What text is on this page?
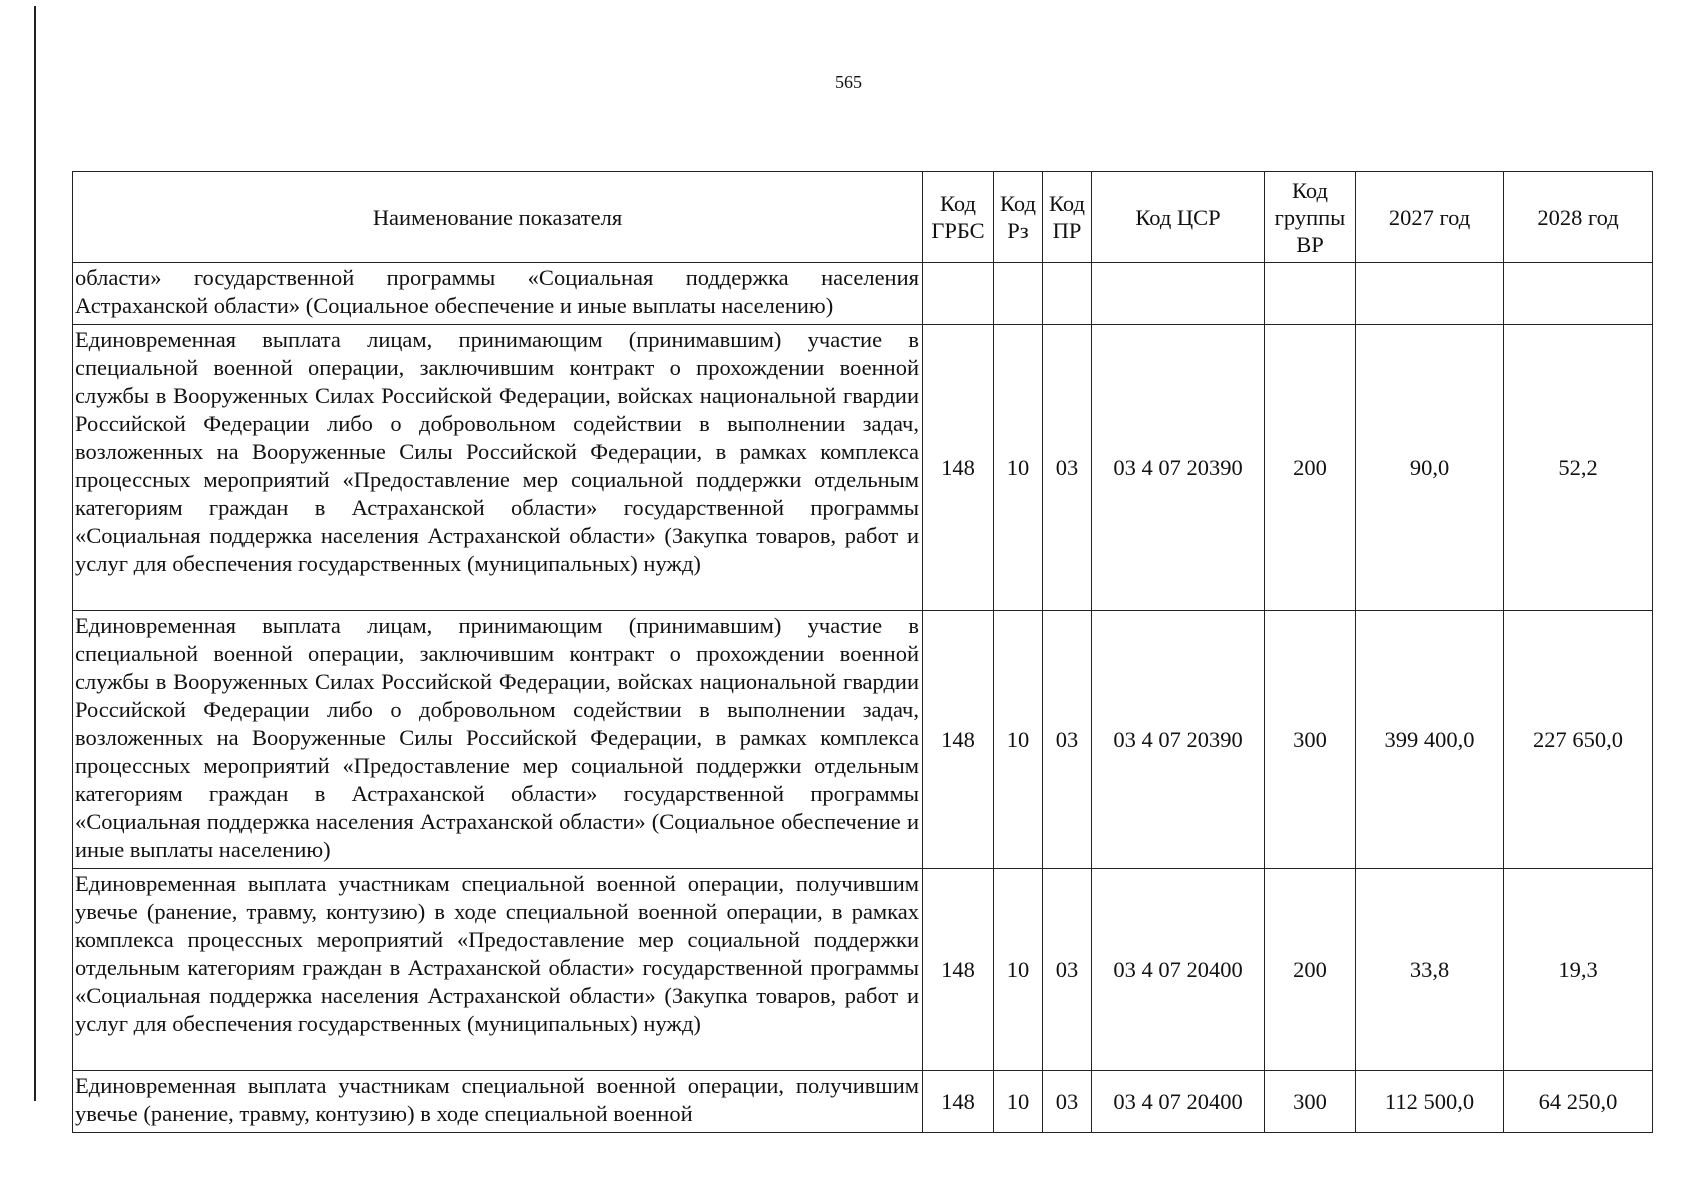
565
Наименование показателя	Код ГРБС	Код Рз	Код ПР	Код ЦСР	Код группы ВР	2027 год	2028 год

области» государственной программы «Социальная поддержка населения Астраханской области» (Социальное обеспечение и иные выплаты населению)							

Единовременная выплата лицам, принимающим (принимавшим) участие в специальной военной операции, заключившим контракт о прохождении военной службы в Вооруженных Силах Российской Федерации, войсках национальной гвардии Российской Федерации либо о добровольном содействии в выполнении задач, возложенных на Вооруженные Силы Российской Федерации, в рамках комплекса процессных мероприятий «Предоставление мер социальной поддержки отдельным категориям граждан в Астраханской области» государственной программы «Социальная поддержка населения Астраханской области» (Закупка товаров, работ и услуг для обеспечения государственных (муниципальных) нужд)	148	10	03	03 4 07 20390	200	90,0	52,2

Единовременная выплата лицам, принимающим (принимавшим) участие в специальной военной операции, заключившим контракт о прохождении военной службы в Вооруженных Силах Российской Федерации, войсках национальной гвардии Российской Федерации либо о добровольном содействии в выполнении задач, возложенных на Вооруженные Силы Российской Федерации, в рамках комплекса процессных мероприятий «Предоставление мер социальной поддержки отдельным категориям граждан в Астраханской области» государственной программы «Социальная поддержка населения Астраханской области» (Социальное обеспечение и иные выплаты населению)	148	10	03	03 4 07 20390	300	399 400,0	227 650,0

Единовременная выплата участникам специальной военной операции, получившим увечье (ранение, травму, контузию) в ходе специальной военной операции, в рамках комплекса процессных мероприятий «Предоставление мер социальной поддержки отдельным категориям граждан в Астраханской области» государственной программы «Социальная поддержка населения Астраханской области» (Закупка товаров, работ и услуг для обеспечения государственных (муниципальных) нужд)	148	10	03	03 4 07 20400	200	33,8	19,3

Единовременная выплата участникам специальной военной операции, получившим увечье (ранение, травму, контузию) в ходе специальной военной	148	10	03	03 4 07 20400	300	112 500,0	64 250,0
